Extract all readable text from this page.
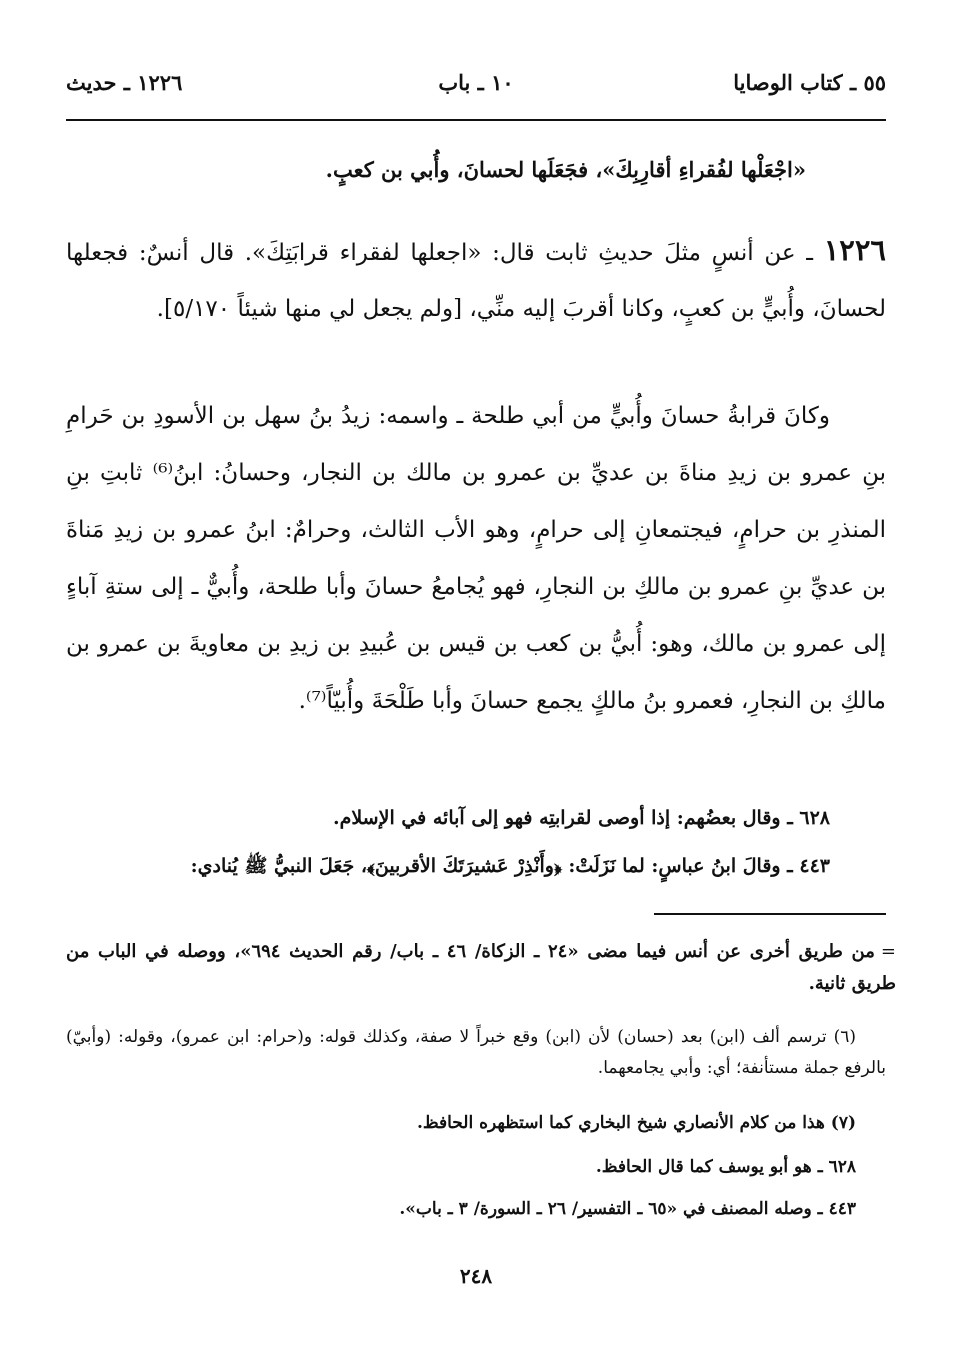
٥٥ ـ كتاب الوصايا
١٠ ـ باب
١٢٢٦ ـ حديث
«اجْعَلْها لفُقراءِ أقارِبِكَ»، فجَعَلَها لحسانَ، وأُبي بن كعبٍ.
١٢٢٦ ـ عن أنسٍ مثلَ حديثِ ثابت قال: «اجعلها لفقراء قرابَتِكَ». قال أنسٌ: فجعلها لحسانَ، وأُبيٍّ بن كعبٍ، وكانا أقربَ إليه منِّي، [ولم يجعل لي منها شيئاً ٥/١٧٠].
وكانَ قرابةُ حسانَ وأُبيٍّ من أبي طلحة ـ واسمه: زيدُ بنُ سهل بن الأسودِ بن حَرامِ بنِ عمرو بن زيدِ مناةَ بن عديِّ بن عمرو بن مالك بن النجار، وحسانُ: ابنُ⁽⁶⁾ ثابتِ بنِ المنذرِ بن حرامٍ، فيجتمعانِ إلى حرامٍ، وهو الأب الثالث، وحرامٌ: ابنُ عمرو بن زيدِ مَناةَ بن عديِّ بنِ عمرو بن مالكِ بن النجارِ، فهو يُجامعُ حسانَ وأبا طلحة، وأُبيٌّ ـ إلى ستةِ آباءٍ إلى عمرو بن مالك، وهو: أُبيُّ بن كعب بن قيس بن عُبيدِ بن زيدِ بن معاويةَ بن عمرو بن مالكِ بن النجارِ، فعمرو بنُ مالكٍ يجمع حسانَ وأبا طَلْحَةَ وأُبيّاً⁽⁷⁾.
٦٢٨ ـ وقال بعضُهم: إذا أوصى لقرابتِه فهو إلى آبائه في الإسلام.
٤٤٣ ـ وقالَ ابنُ عباسٍ: لما نَزَلَتْ: ﴿وأَنْذِرْ عَشيرَتَكَ الأقربينَ﴾، جَعَلَ النبيُّ ﷺ يُنادي:
=من طريق أخرى عن أنس فيما مضى «٢٤ ـ الزكاة/ ٤٦ ـ باب/ رقم الحديث ٦٩٤»، ووصله في الباب من طريق ثانية.
(٦) ترسم ألف (ابن) بعد (حسان) لأن (ابن) وقع خبراً لا صفة، وكذلك قوله: و(حرام: ابن عمرو)، وقوله: (وأبيّ) بالرفع جملة مستأنفة؛ أي: وأبي يجامعهما.
(٧) هذا من كلام الأنصاري شيخ البخاري كما استظهره الحافظ.
٦٢٨ ـ هو أبو يوسف كما قال الحافظ.
٤٤٣ ـ وصله المصنف في «٦٥ ـ التفسير/ ٢٦ ـ السورة/ ٣ ـ باب».
٢٤٨
